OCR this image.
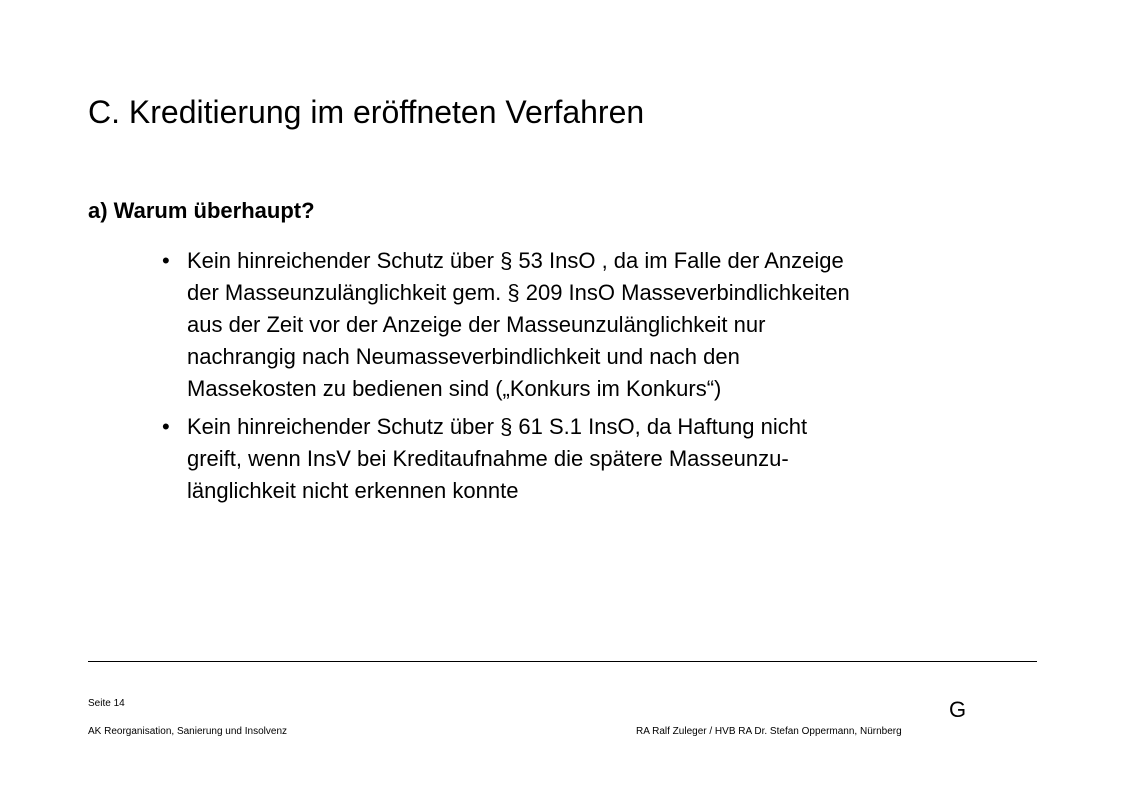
C. Kreditierung im eröffneten Verfahren
a) Warum überhaupt?
• Kein hinreichender Schutz über § 53 InsO , da im Falle der Anzeige
der Masseunzulänglichkeit gem. § 209 InsO Masseverbindlichkeiten
aus der Zeit vor der Anzeige der Masseunzulänglichkeit nur
nachrangig nach Neumasseverbindlichkeit und nach den
Massekosten zu bedienen sind („Konkurs im Konkurs“)
• Kein hinreichender Schutz über § 61 S.1 InsO, da Haftung nicht
greift, wenn InsV bei Kreditaufnahme die spätere Masseunzu-
länglichkeit nicht erkennen konnte
Seite 14
AK Reorganisation, Sanierung und Insolvenz	RA Ralf Zuleger / HVB RA Dr. Stefan Oppermann, Nürnberg
G
